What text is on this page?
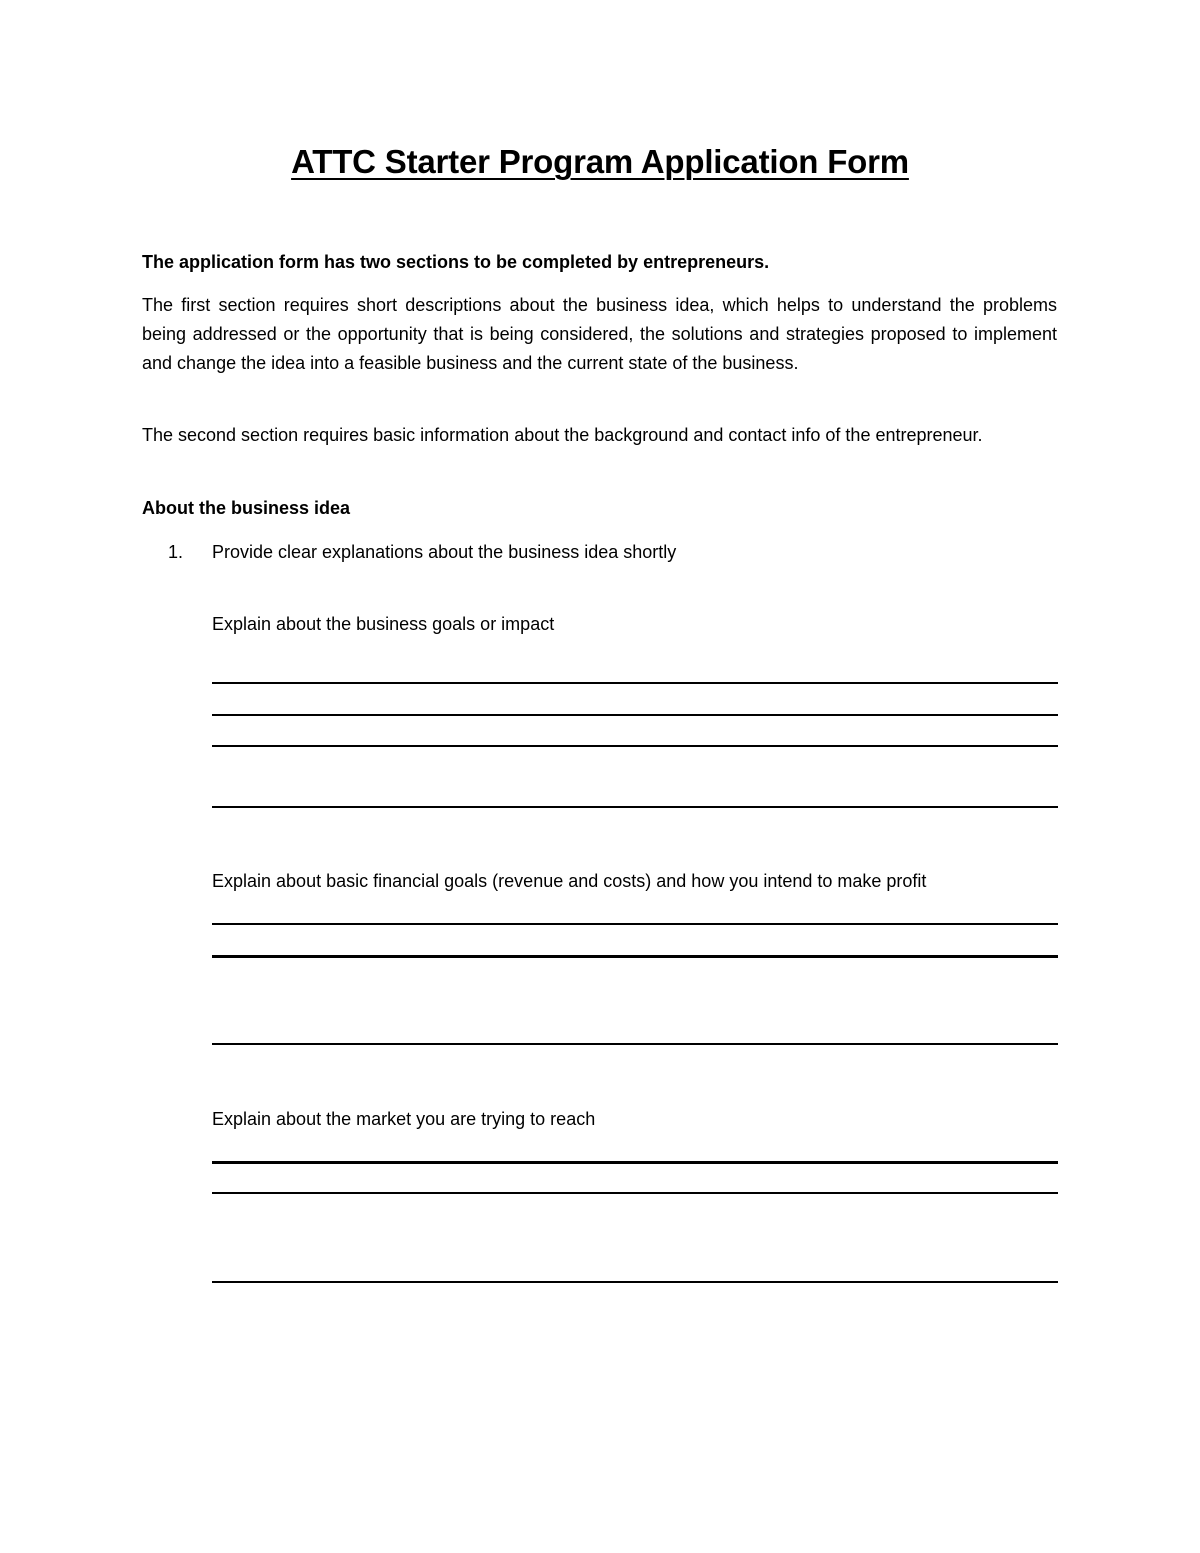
ATTC Starter Program Application Form
The application form has two sections to be completed by entrepreneurs.
The first section requires short descriptions about the business idea, which helps to understand the problems being addressed or the opportunity that is being considered, the solutions and strategies proposed to implement and change the idea into a feasible business and the current state of the business.
The second section requires basic information about the background and contact info of the entrepreneur.
About the business idea
1. Provide clear explanations about the business idea shortly
Explain about the business goals or impact
Explain about basic financial goals (revenue and costs) and how you intend to make profit
Explain about the market you are trying to reach
